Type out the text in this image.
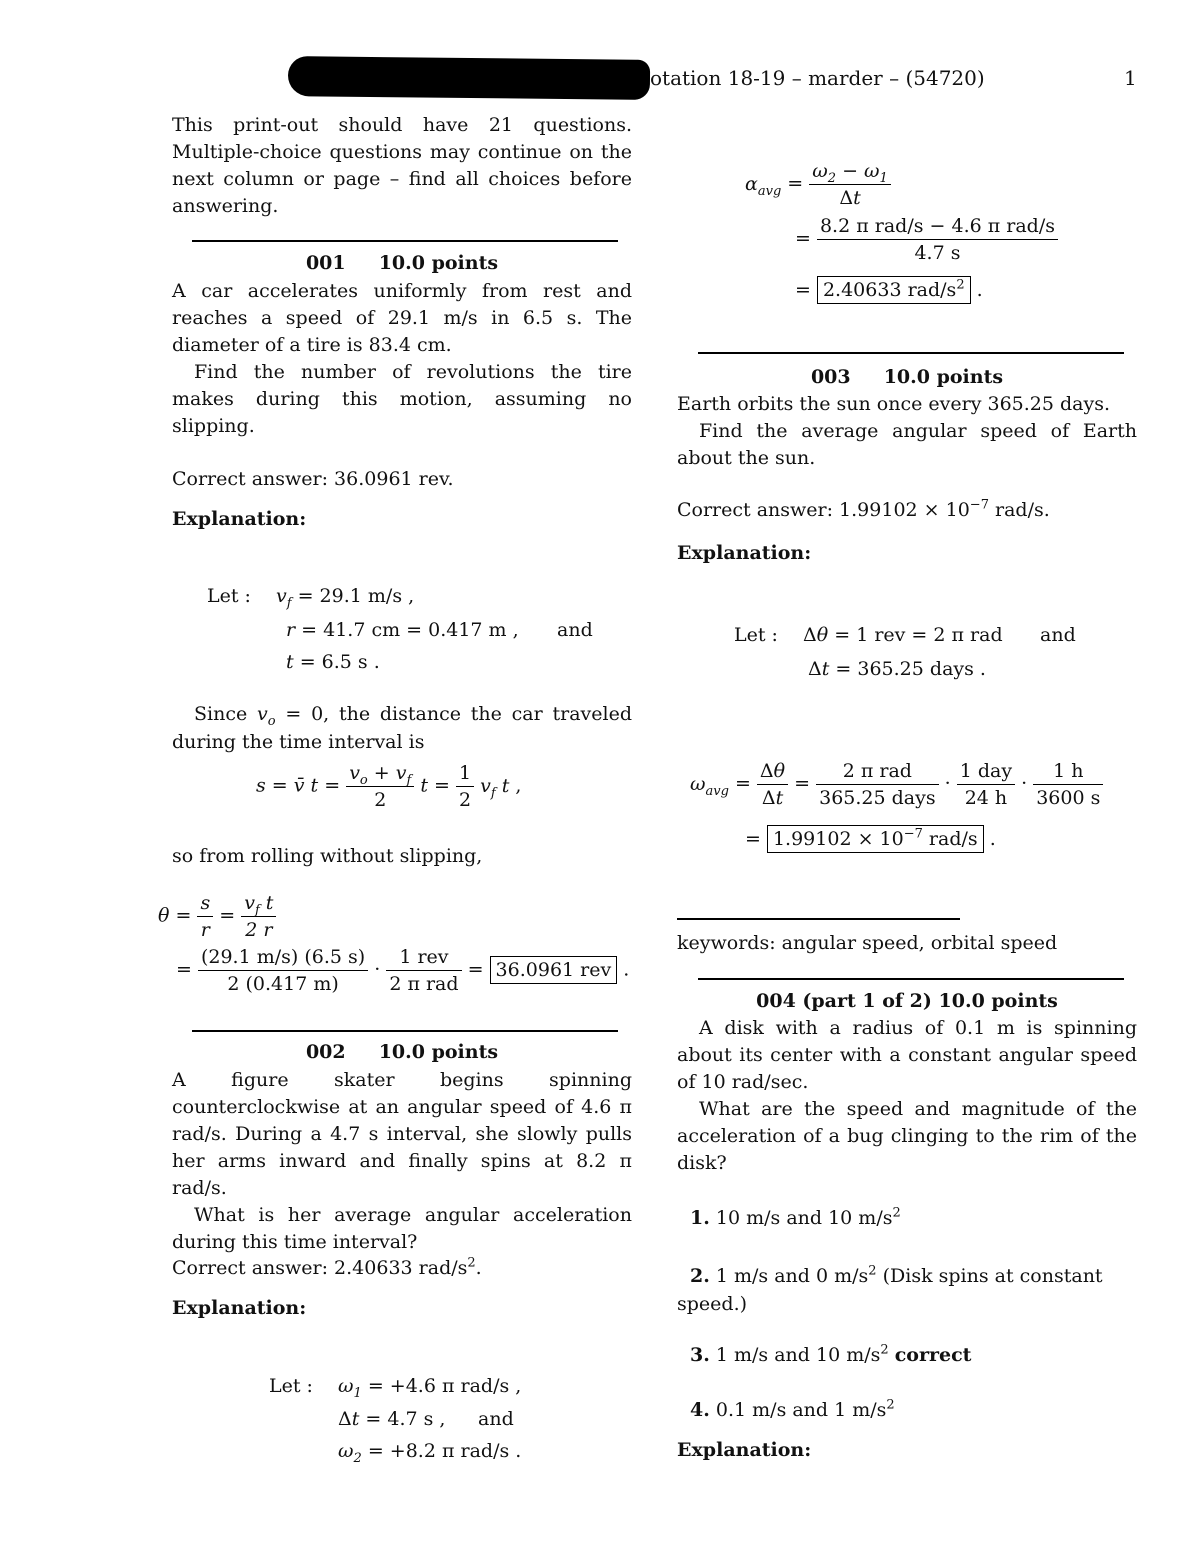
otation 18-19 – marder – (54720)	1

This print-out should have 21 questions. Multiple-choice questions may continue on the next column or page – find all choices before answering.

001     10.0 points

A car accelerates uniformly from rest and reaches a speed of 29.1 m/s in 6.5 s. The diameter of a tire is 83.4 cm.

Find the number of revolutions the tire makes during this motion, assuming no slipping.

Correct answer: 36.0961 rev.
Explanation:
Let : $v_f = 29.1$ m/s ,
r = 41.7 cm = 0.417 m , and
t = 6.5 s .

Since $v_o = 0$, the distance the car traveled during the time interval is

s = v̄ $t = \frac{v_o + v_f}{2}$ $t = \frac{1}{2} v_f$ t ,
so from rolling without slipping,
$\theta = \frac{s}{r} = \frac{v_f t}{2 r}$
= $\frac{(29.1 m/s) (6.5 s)}{2 (0.417 m)} \cdot \frac{\text{1 rev}}{\text{2 π rad}} = 36.0961$ rev .
002     10.0 points

A figure skater begins spinning counterclockwise at an angular speed of 4.6 π rad/s. During a 4.7 s interval, she slowly pulls her arms inward and finally spins at 8.2 π rad/s.

What is her average angular acceleration during this time interval?

Correct answer: 2.40633 rad/$s^2$.
Explanation:
Let : $\omega_1 = +4.6$ π rad/s ,
Δt = 4.7 s , and
$\omega_2 = +8.2$ π rad/s .
$\alpha_{avg} = \frac{\omega_2 - \omega_1}{\Delta t}$
= $\frac{\text{8.2 π rad/s − 4.6 π rad/s}}{4.7 s}$
= 2.40633 rad/$s^2$ .
003     10.0 points

Earth orbits the sun once every 365.25 days.

Find the average angular speed of Earth about the sun.

Correct answer: $1.99102 \times 10^{-7}$ rad/s.
Explanation:
Let : Δθ = 1 rev = 2 π rad and
Δt = 365.25 days .
$\omega_{avg} = \frac{\Delta\theta}{\Delta t} = \frac{\text{2 π rad}}{\text{365.25 days}} \cdot \frac{\text{1 day}}{24 h} \cdot \frac{1 h}{3600 s}$
= $1.99102 \times 10^{-7}$ rad/s .
keywords: angular speed, orbital speed
004 (part 1 of 2) 10.0 points

A disk with a radius of 0.1 m is spinning about its center with a constant angular speed of 10 rad/sec.

What are the speed and magnitude of the acceleration of a bug clinging to the rim of the disk?

1. 10 m/s and 10 $m/s^2$
2. 1 m/s and 0 $m/s^2$ (Disk spins at constant speed.)
3. 1 m/s and 10 $m/s^2$ correct
4. 0.1 m/s and 1 $m/s^2$
Explanation:
